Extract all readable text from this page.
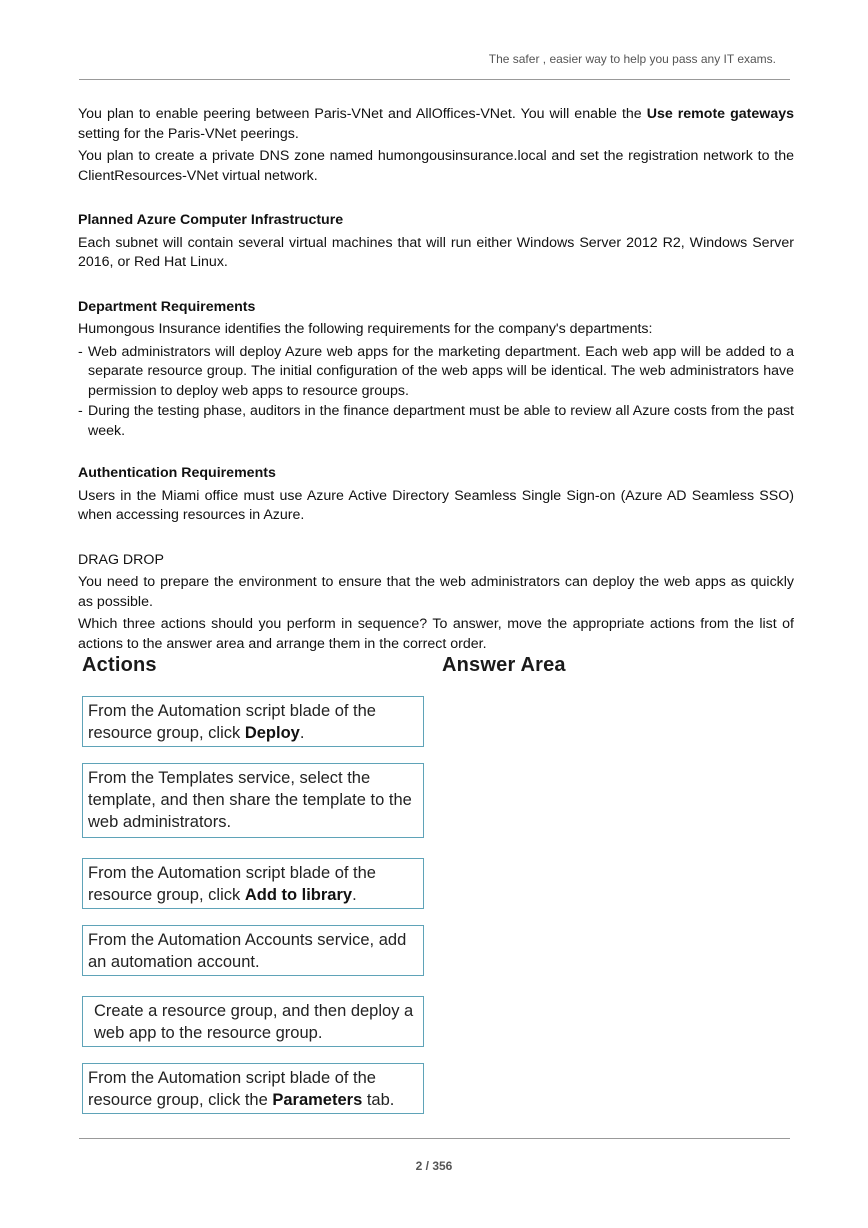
The safer , easier way to help you pass any IT exams.

You plan to enable peering between Paris-VNet and AllOffices-VNet. You will enable the Use remote gateways setting for the Paris-VNet peerings.

You plan to create a private DNS zone named humongousinsurance.local and set the registration network to the ClientResources-VNet virtual network.

Planned Azure Computer Infrastructure

Each subnet will contain several virtual machines that will run either Windows Server 2012 R2, Windows Server 2016, or Red Hat Linux.

Department Requirements

Humongous Insurance identifies the following requirements for the company's departments:

- Web administrators will deploy Azure web apps for the marketing department. Each web app will be added to a separate resource group. The initial configuration of the web apps will be identical. The web administrators have permission to deploy web apps to resource groups.
- During the testing phase, auditors in the finance department must be able to review all Azure costs from the past week.
Authentication Requirements

Users in the Miami office must use Azure Active Directory Seamless Single Sign-on (Azure AD Seamless SSO) when accessing resources in Azure.

DRAG DROP

You need to prepare the environment to ensure that the web administrators can deploy the web apps as quickly as possible.

Which three actions should you perform in sequence? To answer, move the appropriate actions from the list of actions to the answer area and arrange them in the correct order.

Actions	Answer Area
From the Automation script blade of the resource group, click Deploy.
From the Templates service, select the template, and then share the template to the web administrators.
From the Automation script blade of the resource group, click Add to library.
From the Automation Accounts service, add an automation account.
Create a resource group, and then deploy a web app to the resource group.
From the Automation script blade of the resource group, click the Parameters tab.
2 / 356
